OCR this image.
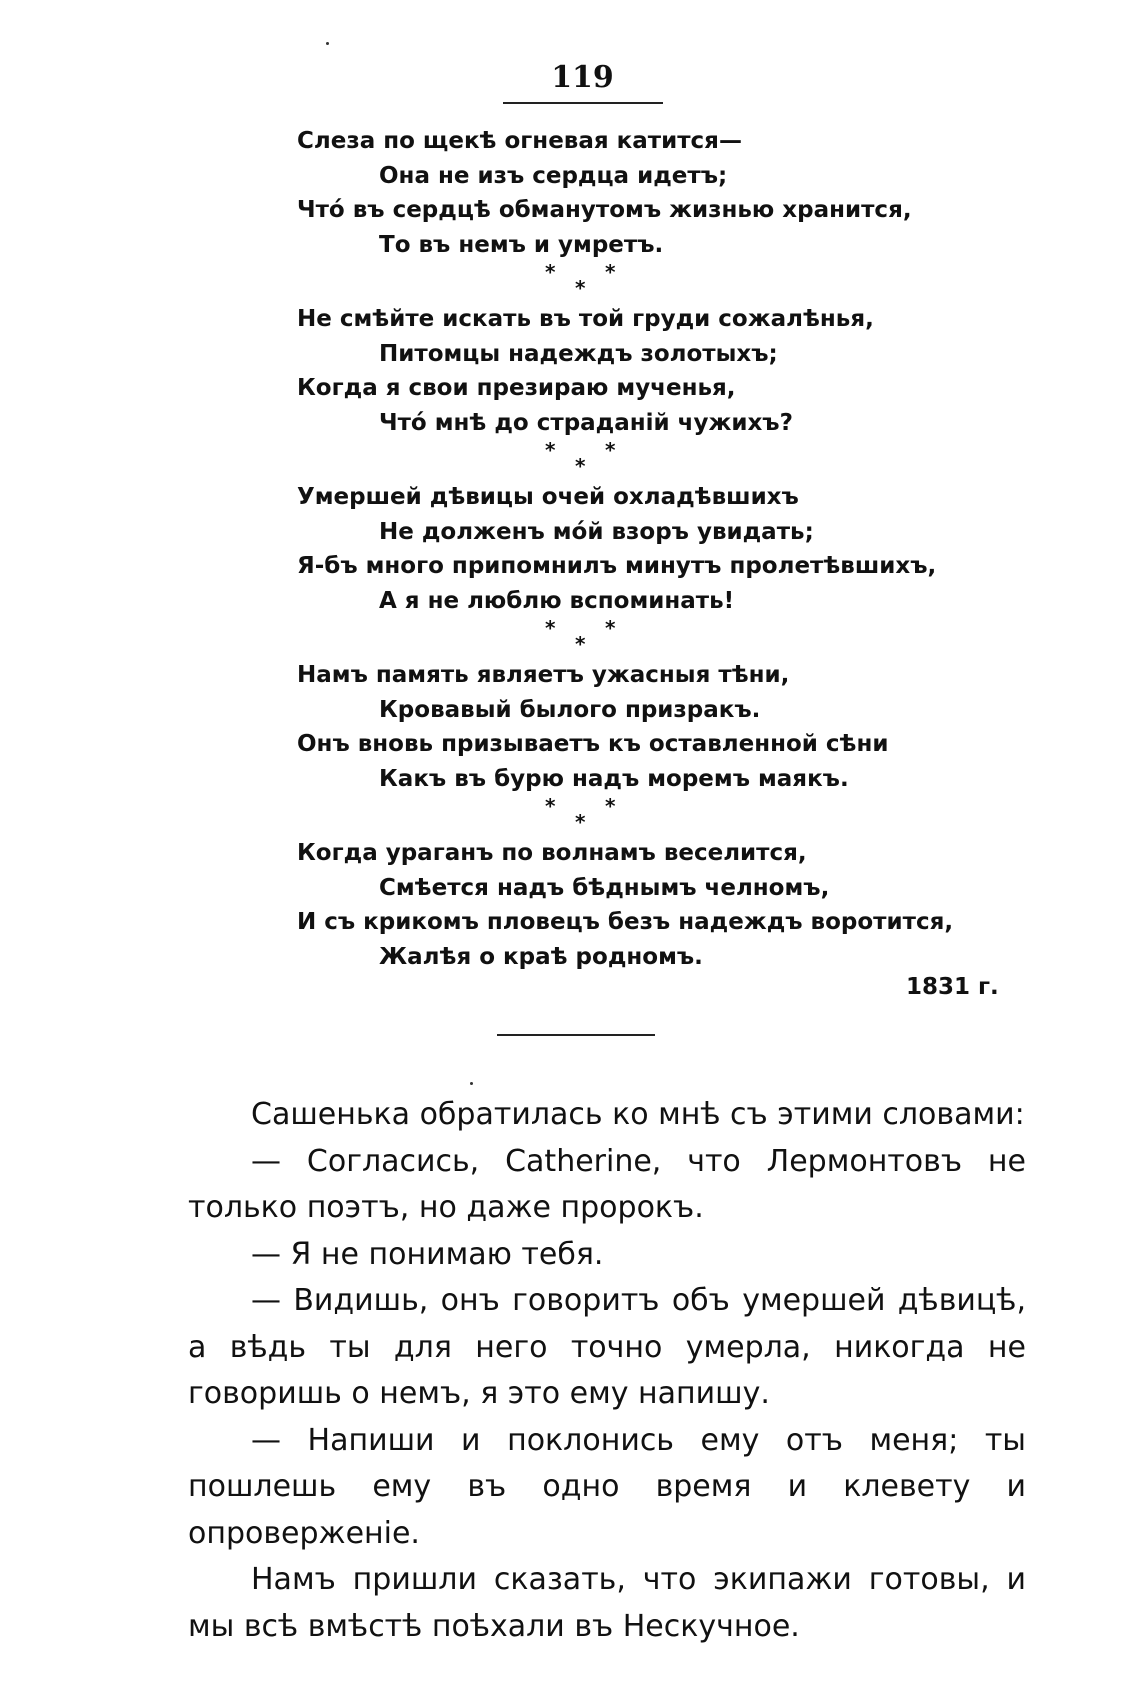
119
Слеза по щекѣ огневая катится—
Она не изъ сердца идетъ;
Что́ въ сердцѣ обманутомъ жизнью хранится,
То въ немъ и умретъ.
* *
*
Не смѣйте искать въ той груди сожалѣнья,
Питомцы надеждъ золотыхъ;
Когда я свои презираю мученья,
Что́ мнѣ до страданій чужихъ?
* *
*
Умершей дѣвицы очей охладѣвшихъ
Не долженъ мо́й взоръ увидать;
Я-бъ много припомнилъ минутъ пролетѣвшихъ,
А я не люблю вспоминать!
* *
*
Намъ память являетъ ужасныя тѣни,
Кровавый былого призракъ.
Онъ вновь призываетъ къ оставленной сѣни
Какъ въ бурю надъ моремъ маякъ.
* *
*
Когда ураганъ по волнамъ веселится,
Смѣется надъ бѣднымъ челномъ,
И съ крикомъ пловецъ безъ надеждъ воротится,
Жалѣя о краѣ родномъ.
1831 г.

Сашенька обратилась ко мнѣ съ этими словами:

— Согласись, Catherine, что Лермонтовъ не только поэтъ, но даже пророкъ.

— Я не понимаю тебя.

— Видишь, онъ говоритъ объ умершей дѣвицѣ, а вѣдь ты для него точно умерла, никогда не говоришь о немъ, я это ему напишу.

— Напиши и поклонись ему отъ меня; ты пошлешь ему въ одно время и клевету и опровержeніе.

Намъ пришли сказать, что экипажи готовы, и мы всѣ вмѣстѣ поѣхали въ Нескучное.
